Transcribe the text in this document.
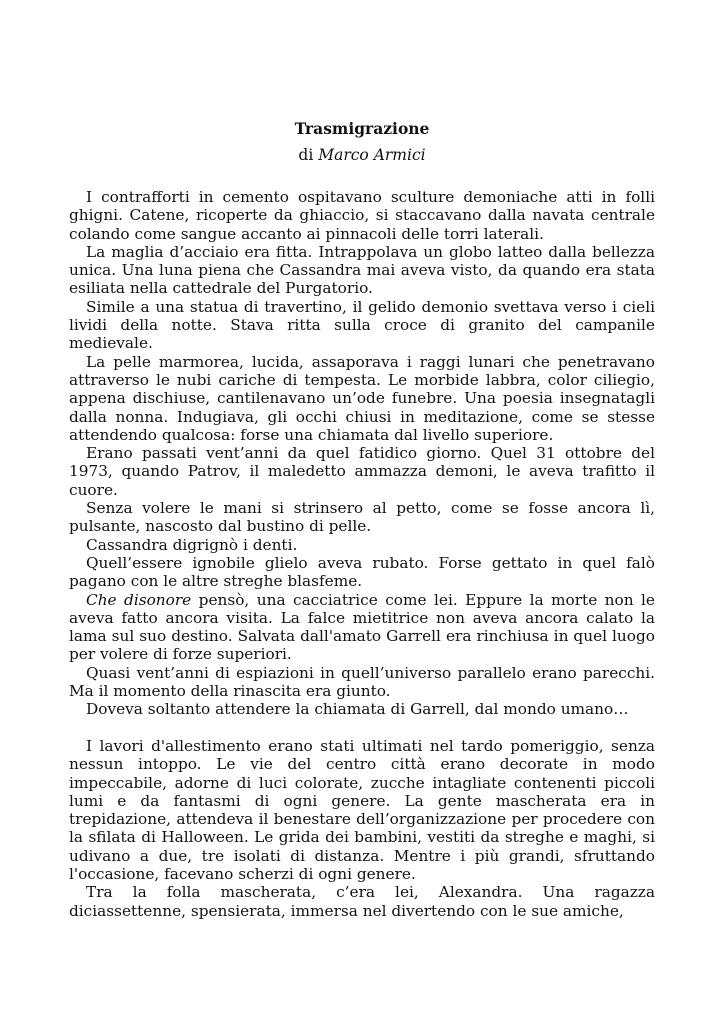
Trasmigrazione
di Marco Armici

I contrafforti in cemento ospitavano sculture demoniache atti in folli ghigni. Catene, ricoperte da ghiaccio, si staccavano dalla navata centrale colando come sangue accanto ai pinnacoli delle torri laterali.

La maglia d’acciaio era fitta. Intrappolava un globo latteo dalla bellezza unica. Una luna piena che Cassandra mai aveva visto, da quando era stata esiliata nella cattedrale del Purgatorio.

Simile a una statua di travertino, il gelido demonio svettava verso i cieli lividi della notte. Stava ritta sulla croce di granito del campanile medievale.

La pelle marmorea, lucida, assaporava i raggi lunari che penetravano attraverso le nubi cariche di tempesta. Le morbide labbra, color ciliegio, appena dischiuse, cantilenavano un’ode funebre. Una poesia insegnatagli dalla nonna. Indugiava, gli occhi chiusi in meditazione, come se stesse attendendo qualcosa: forse una chiamata dal livello superiore.

Erano passati vent’anni da quel fatidico giorno. Quel 31 ottobre del 1973, quando Patrov, il maledetto ammazza demoni, le aveva trafitto il cuore.

Senza volere le mani si strinsero al petto, come se fosse ancora lì, pulsante, nascosto dal bustino di pelle.

Cassandra digrignò i denti.

Quell’essere ignobile glielo aveva rubato. Forse gettato in quel falò pagano con le altre streghe blasfeme.

Che disonore pensò, una cacciatrice come lei. Eppure la morte non le aveva fatto ancora visita. La falce mietitrice non aveva ancora calato la lama sul suo destino. Salvata dall'amato Garrell era rinchiusa in quel luogo per volere di forze superiori.

Quasi vent’anni di espiazioni in quell’universo parallelo erano parecchi. Ma il momento della rinascita era giunto.

Doveva soltanto attendere la chiamata di Garrell, dal mondo umano…

I lavori d'allestimento erano stati ultimati nel tardo pomeriggio, senza nessun intoppo. Le vie del centro città erano decorate in modo impeccabile, adorne di luci colorate, zucche intagliate contenenti piccoli lumi e da fantasmi di ogni genere. La gente mascherata era in trepidazione, attendeva il benestare dell’organizzazione per procedere con la sfilata di Halloween. Le grida dei bambini, vestiti da streghe e maghi, si udivano a due, tre isolati di distanza. Mentre i più grandi, sfruttando l'occasione, facevano scherzi di ogni genere.

Tra la folla mascherata, c’era lei, Alexandra. Una ragazza diciassettenne, spensierata, immersa nel divertendo con le sue amiche,
